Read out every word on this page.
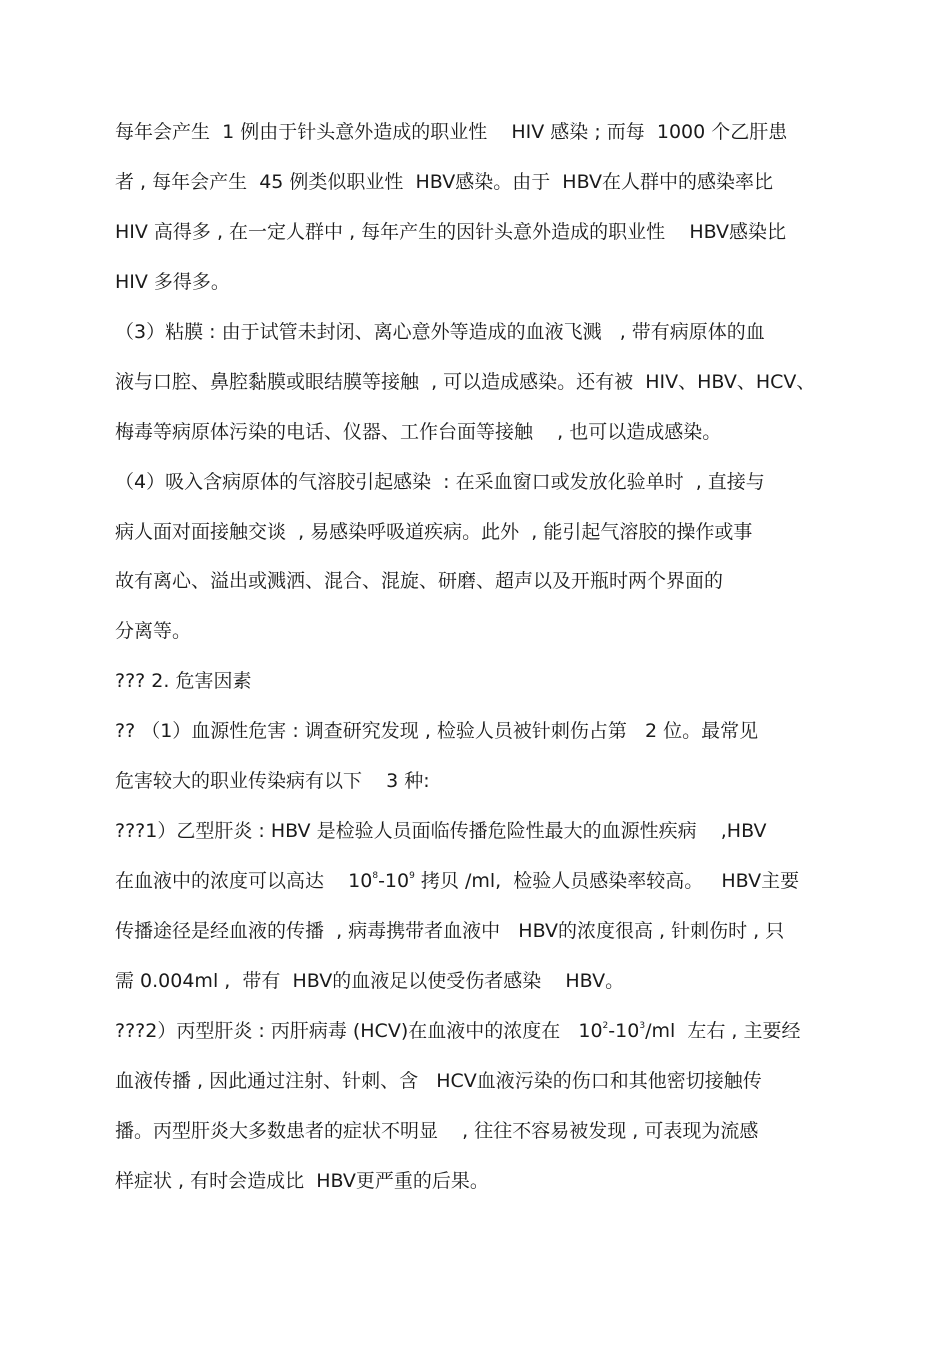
每年会产生  1 例由于针头意外造成的职业性    HIV 感染 ; 而每  1000 个乙肝患
者 , 每年会产生  45 例类似职业性  HBV感染。由于  HBV在人群中的感染率比
HIV 高得多 , 在一定人群中 , 每年产生的因针头意外造成的职业性    HBV感染比
HIV 多得多。
（3）粘膜 : 由于试管未封闭、离心意外等造成的血液飞溅   , 带有病原体的血
液与口腔、鼻腔黏膜或眼结膜等接触  , 可以造成感染。还有被  HIV、HBV、HCV、
梅毒等病原体污染的电话、仪器、工作台面等接触    , 也可以造成感染。
（4）吸入含病原体的气溶胶引起感染  : 在采血窗口或发放化验单时  , 直接与
病人面对面接触交谈  , 易感染呼吸道疾病。此外  , 能引起气溶胶的操作或事
故有离心、溢出或溅洒、混合、混旋、研磨、超声以及开瓶时两个界面的
分离等。
??? 2. 危害因素
?? （1）血源性危害 : 调查研究发现 , 检验人员被针刺伤占第   2 位。最常见
危害较大的职业传染病有以下    3 种:
???1）乙型肝炎 : HBV 是检验人员面临传播危险性最大的血源性疾病    ,HBV
在血液中的浓度可以高达    $10^8-10^9$ 拷贝 /ml,  检验人员感染率较高。   HBV主要
传播途径是经血液的传播  , 病毒携带者血液中   HBV的浓度很高 , 针刺伤时 , 只
需 0.004ml ,  带有  HBV的血液足以使受伤者感染    HBV。
???2）丙型肝炎 : 丙肝病毒 (HCV)在血液中的浓度在   $10^2-10^3/ml$  左右 , 主要经
血液传播 , 因此通过注射、针刺、含   HCV血液污染的伤口和其他密切接触传
播。丙型肝炎大多数患者的症状不明显    , 往往不容易被发现 , 可表现为流感
样症状 , 有时会造成比  HBV更严重的后果。
